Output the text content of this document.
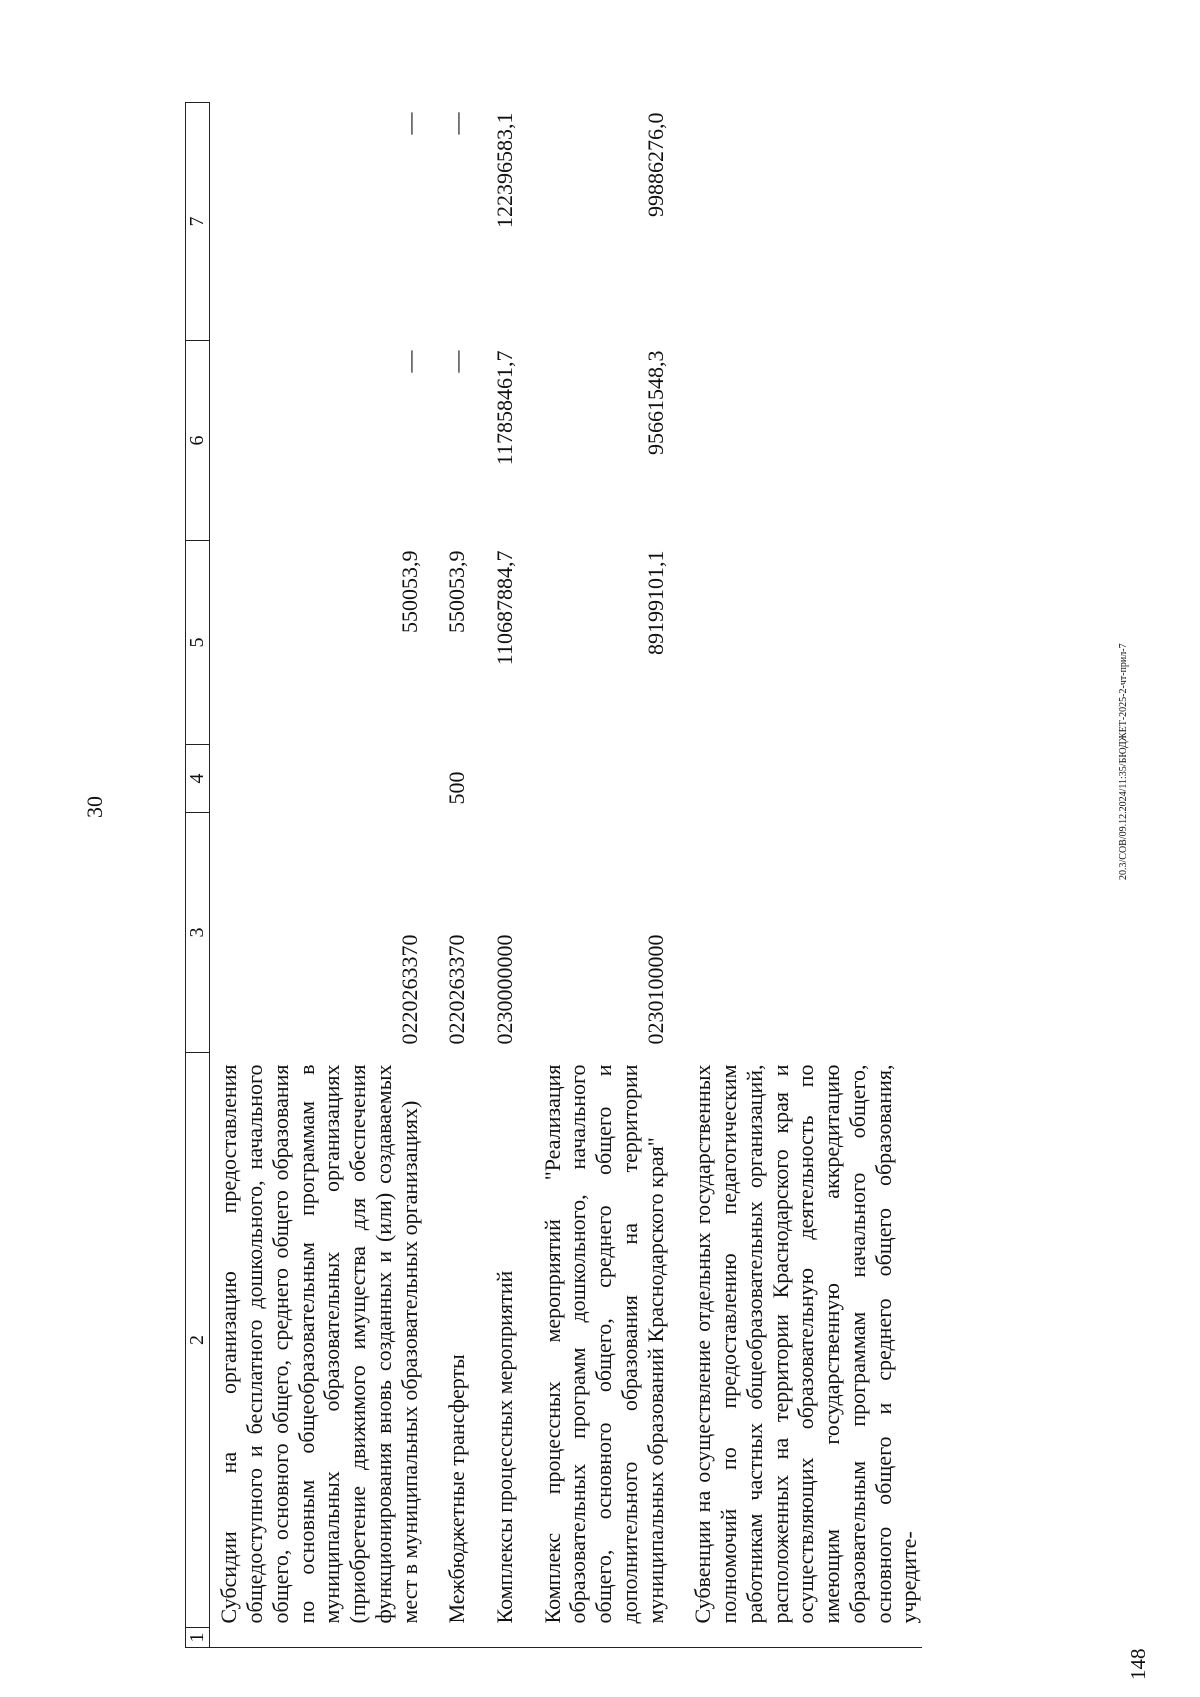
30
148
20.3/СОВ/09.12.2024/11:35/БЮДЖЕТ-2025-2-чт-прил-7
1	2	3	4	5	6	7
	Субсидии на организацию предоставления общедоступного и бесплатного дошкольного, начального общего, основного общего, среднего общего образования по основным общеобразовательным программам в муниципальных образовательных организациях (приобретение движимого имущества для обеспечения функционирования вновь созданных и (или) создаваемых мест в муниципальных образовательных организациях)	0220263370		550053,9	—	—
	Межбюджетные трансферты	0220263370	500	550053,9	—	—
	Комплексы процессных мероприятий	0230000000		110687884,7	117858461,7	122396583,1
	Комплекс процессных мероприятий "Реализация образовательных программ дошкольного, начального общего, основного общего, среднего общего и дополнительного образования на территории муниципальных образований Краснодарского края"	0230100000		89199101,1	95661548,3	99886276,0
	Субвенции на осуществление отдельных государственных полномочий по предоставлению педагогическим работникам частных общеобразовательных организаций, расположенных на территории Краснодарского края и осуществляющих образовательную деятельность по имеющим государственную аккредитацию образовательным программам начального общего, основного общего и среднего общего образования, учредите-					
